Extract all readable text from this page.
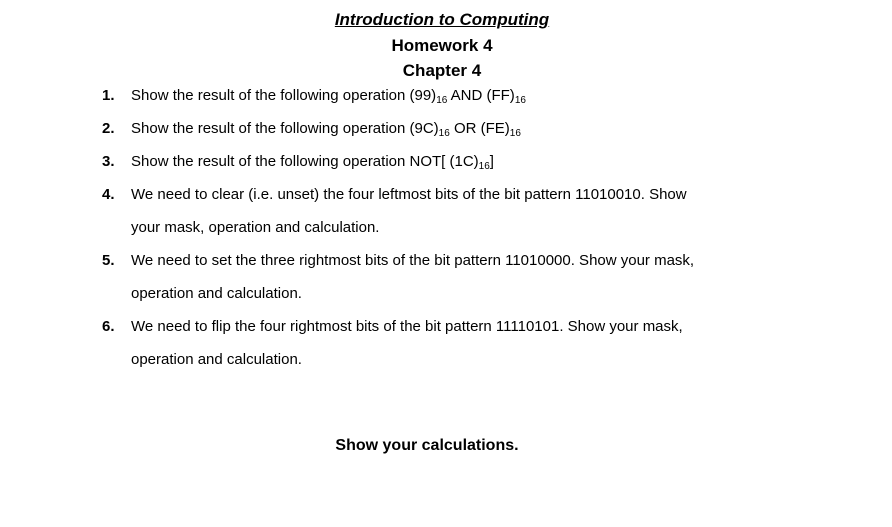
Introduction to Computing
Homework 4
Chapter 4
1. Show the result of the following operation $(99)_{16}$ AND $(FF)_{16}$
2. Show the result of the following operation $(9C)_{16}$ OR $(FE)_{16}$
3. Show the result of the following operation NOT[ $(1C)_{16}$]
4. We need to clear (i.e. unset) the four leftmost bits of the bit pattern 11010010. Show
your mask, operation and calculation.
5. We need to set the three rightmost bits of the bit pattern 11010000. Show your mask,
operation and calculation.
6. We need to flip the four rightmost bits of the bit pattern 11110101. Show your mask,
operation and calculation.
Show your calculations.
